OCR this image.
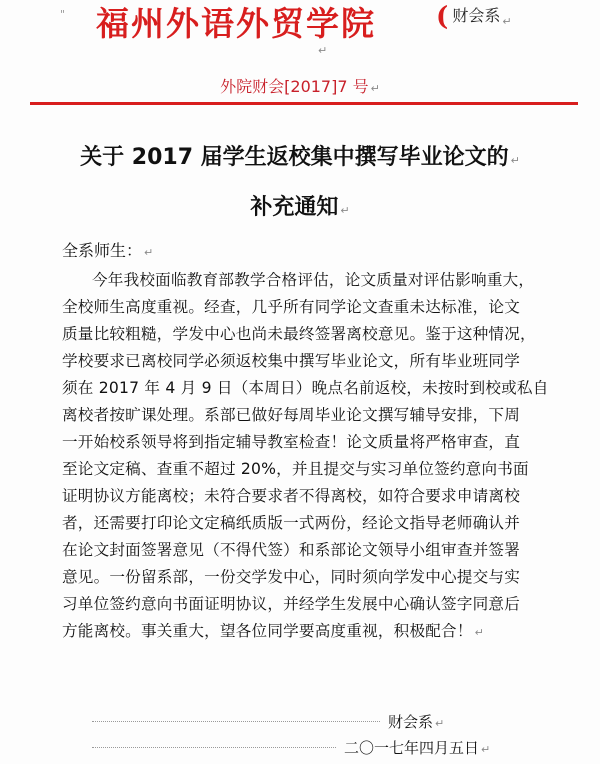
" 福州外语外贸学院 ( 财会系 ↵
↵
外院财会[2017]7 号 ↵
关于 2017 届学生返校集中撰写毕业论文的 ↵
补充通知 ↵
全系师生： ↵
今年我校面临教育部教学合格评估，论文质量对评估影响重大，
全校师生高度重视。经查，几乎所有同学论文查重未达标准，论文
质量比较粗糙，学发中心也尚未最终签署离校意见。鉴于这种情况，
学校要求已离校同学必须返校集中撰写毕业论文，所有毕业班同学
须在 2017 年 4 月 9 日（本周日）晚点名前返校，未按时到校或私自
离校者按旷课处理。系部已做好每周毕业论文撰写辅导安排，下周
一开始校系领导将到指定辅导教室检查！论文质量将严格审查，直
至论文定稿、查重不超过 20%，并且提交与实习单位签约意向书面
证明协议方能离校；未符合要求者不得离校，如符合要求申请离校
者，还需要打印论文定稿纸质版一式两份，经论文指导老师确认并
在论文封面签署意见（不得代签）和系部论文领导小组审查并签署
意见。一份留系部，一份交学发中心，同时须向学发中心提交与实
习单位签约意向书面证明协议，并经学生发展中心确认签字同意后
方能离校。事关重大，望各位同学要高度重视，积极配合！ ↵
财会系 ↵
二〇一七年四月五日 ↵
